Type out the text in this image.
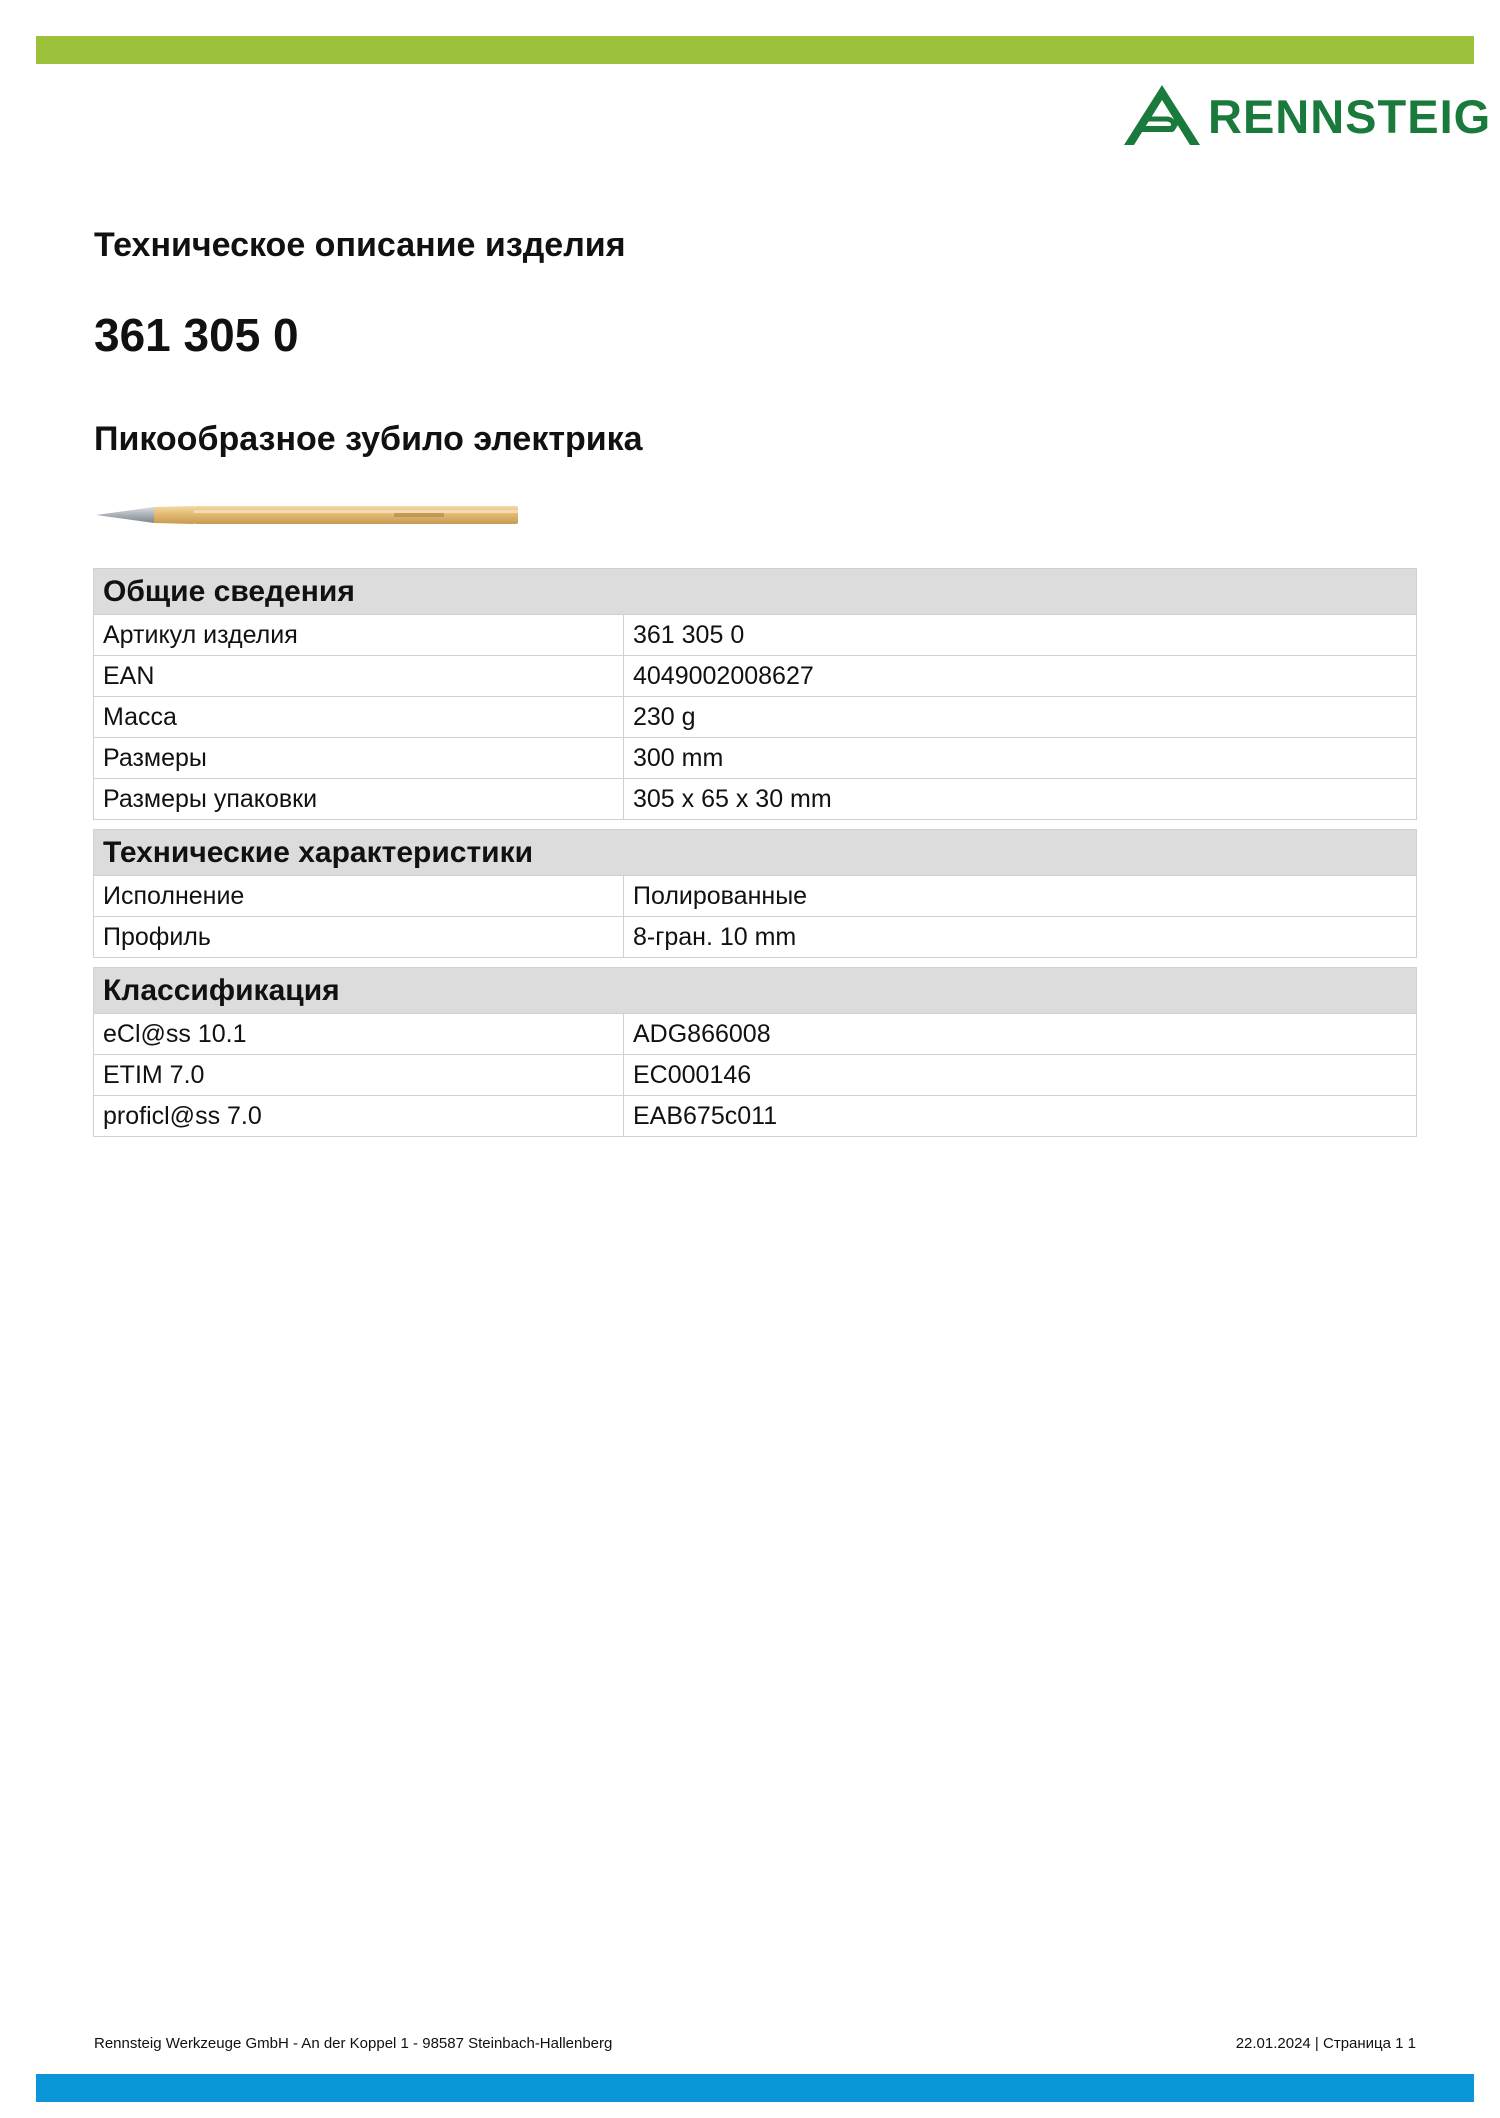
RENNSTEIG
Техническое описание изделия
361 305 0
Пикообразное зубило электрика
Общие сведения
Артикул изделия	361 305 0
EAN	4049002008627
Масса	230 g
Размеры	300 mm
Размеры упаковки	305 x 65 x 30 mm
Технические характеристики
Исполнение	Полированные
Профиль	8-гран. 10 mm
Классификация
eCl@ss 10.1	ADG866008
ETIM 7.0	EC000146
proficl@ss 7.0	EAB675c011
Rennsteig Werkzeuge GmbH - An der Koppel 1 - 98587 Steinbach-Hallenberg	22.01.2024 | Страница 1 1
